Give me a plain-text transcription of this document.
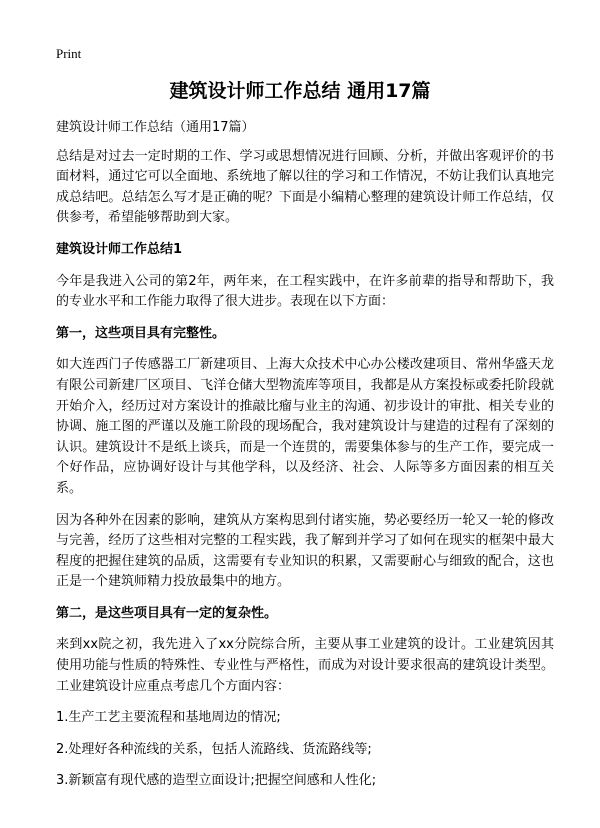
Print
建筑设计师工作总结 通用17篇

建筑设计师工作总结（通用17篇）

总结是对过去一定时期的工作、学习或思想情况进行回顾、分析，并做出客观评价的书面材料，通过它可以全面地、系统地了解以往的学习和工作情况，不妨让我们认真地完成总结吧。总结怎么写才是正确的呢？下面是小编精心整理的建筑设计师工作总结，仅供参考，希望能够帮助到大家。

建筑设计师工作总结1

今年是我进入公司的第2年，两年来，在工程实践中，在许多前辈的指导和帮助下，我的专业水平和工作能力取得了很大进步。表现在以下方面：

第一，这些项目具有完整性。

如大连西门子传感器工厂新建项目、上海大众技术中心办公楼改建项目、常州华盛天龙有限公司新建厂区项目、飞洋仓储大型物流库等项目，我都是从方案投标或委托阶段就开始介入，经历过对方案设计的推敲比瘤与业主的沟通、初步设计的审批、相关专业的协调、施工图的严谨以及施工阶段的现场配合，我对建筑设计与建造的过程有了深刻的认识。建筑设计不是纸上谈兵，而是一个连贯的，需要集体参与的生产工作，要完成一个好作品，应协调好设计与其他学科，以及经济、社会、人际等多方面因素的相互关系。

因为各种外在因素的影响，建筑从方案构思到付诸实施，势必要经历一轮又一轮的修改与完善，经历了这些相对完整的工程实践，我了解到并学习了如何在现实的框架中最大程度的把握住建筑的品质，这需要有专业知识的积累，又需要耐心与细致的配合，这也正是一个建筑师精力投放最集中的地方。

第二，是这些项目具有一定的复杂性。

来到xx院之初，我先进入了xx分院综合所，主要从事工业建筑的设计。工业建筑因其使用功能与性质的特殊性、专业性与严格性，而成为对设计要求很高的建筑设计类型。工业建筑设计应重点考虑几个方面内容：

1.生产工艺主要流程和基地周边的情况;

2.处理好各种流线的关系，包括人流路线、货流路线等;

3.新颖富有现代感的造型立面设计;把握空间感和人性化;
